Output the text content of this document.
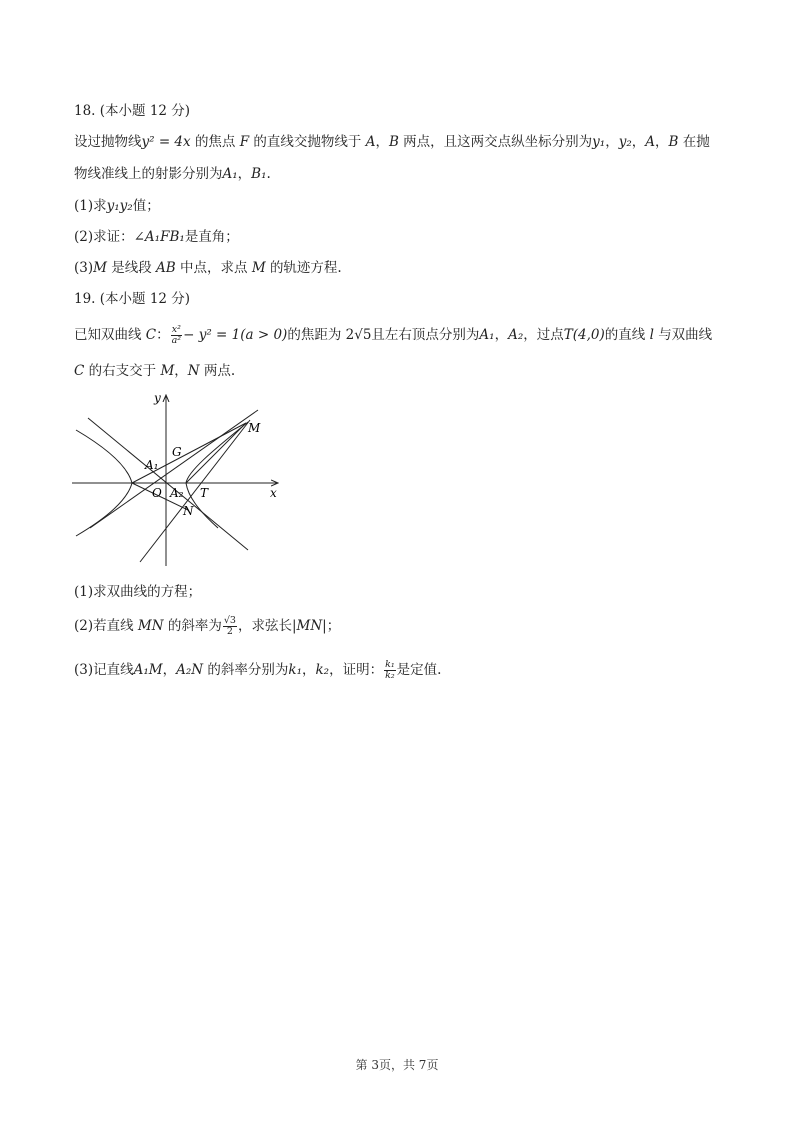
18. (本小题 12 分)
设过抛物线y² = 4x 的焦点 F 的直线交抛物线于 A，B 两点，且这两交点纵坐标分别为y₁，y₂，A，B 在抛
物线准线上的射影分别为A₁，B₁.
(1)求y₁y₂值；
(2)求证：∠A₁FB₁是直角；
(3)M 是线段 AB 中点，求点 M 的轨迹方程.
19. (本小题 12 分)
已知双曲线 C： $\frac{\text{x²}}{\text{a²}} - y^2 = 1(a > 0)$的焦距为 2√5且左右顶点分别为A₁，A₂，过点T(4,0)的直线 l 与双曲线
C 的右支交于 M，N 两点.
y
x
M
G
A₁
O A₂ T
N
(1)求双曲线的方程；
(2)若直线 MN 的斜率为 $\frac{√3}{2}$ ，求弦长|MN|；
(3)记直线A₁M，A₂N 的斜率分别为k₁，k₂，证明： $\frac{\text{k₁}}{\text{k₂}}$ 是定值.
第 3页，共 7页
